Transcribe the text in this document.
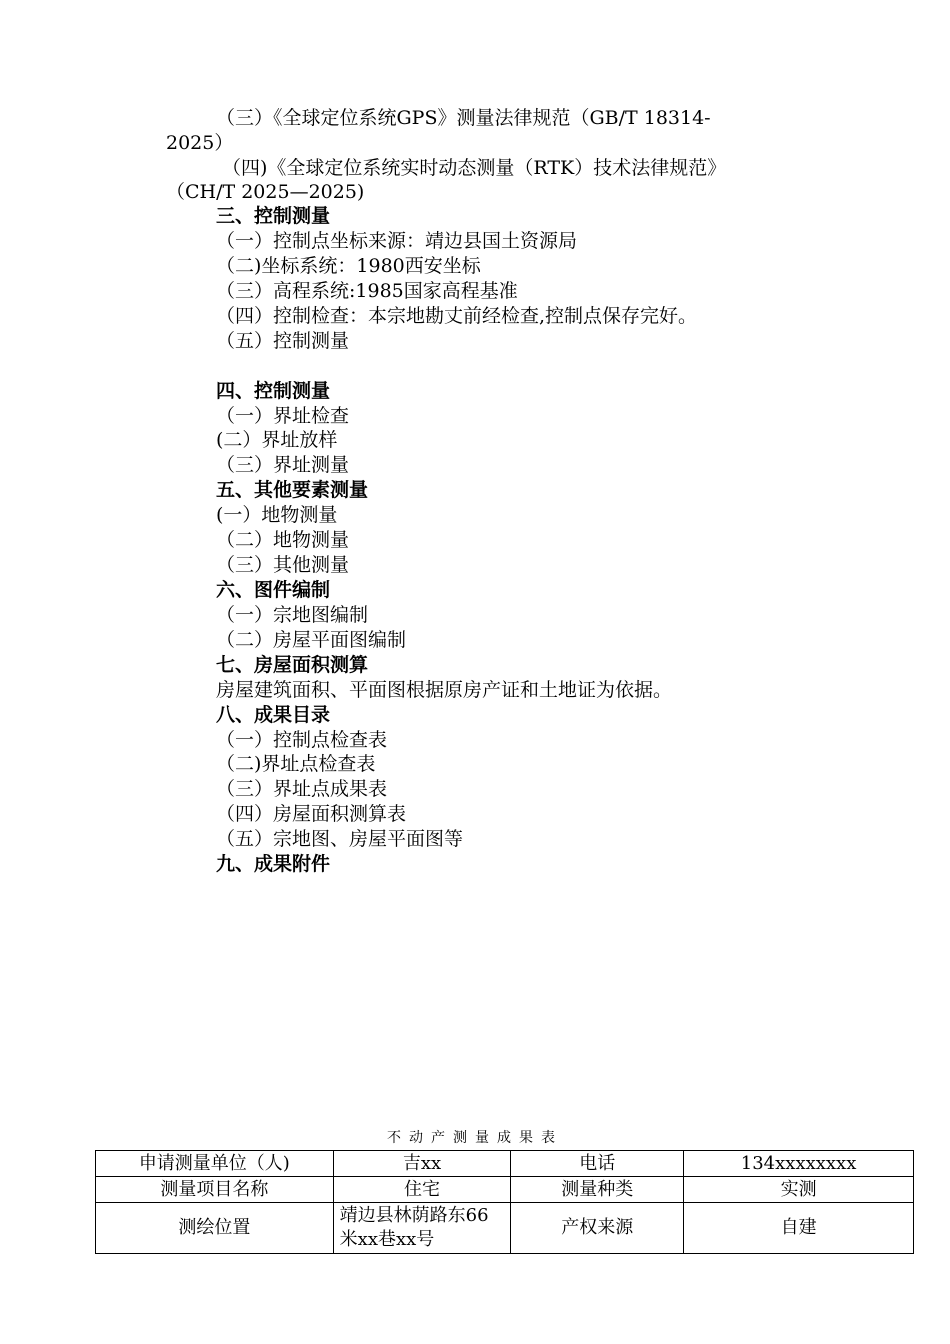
（三）《全球定位系统GPS》测量法律规范（GB/T 18314-
2025）
（四)《全球定位系统实时动态测量（RTK）技术法律规范》
（CH/T 2025—2025)
三、控制测量
（一）控制点坐标来源：靖边县国土资源局
（二)坐标系统：1980西安坐标
（三）高程系统:1985国家高程基准
（四）控制检查：本宗地勘丈前经检查,控制点保存完好。
（五）控制测量
四、控制测量
（一）界址检查
(二）界址放样
（三）界址测量
五、其他要素测量
(一）地物测量
（二）地物测量
（三）其他测量
六、图件编制
（一）宗地图编制
（二）房屋平面图编制
七、房屋面积测算
房屋建筑面积、平面图根据原房产证和土地证为依据。
八、成果目录
（一）控制点检查表
（二)界址点检查表
（三）界址点成果表
（四）房屋面积测算表
（五）宗地图、房屋平面图等
九、成果附件
不动产测量成果表
申请测量单位（人)	吉xx	电话	134xxxxxxxx
测量项目名称	住宅	测量种类	实测
测绘位置	靖边县林荫路东66米xx巷xx号	产权来源	自建
